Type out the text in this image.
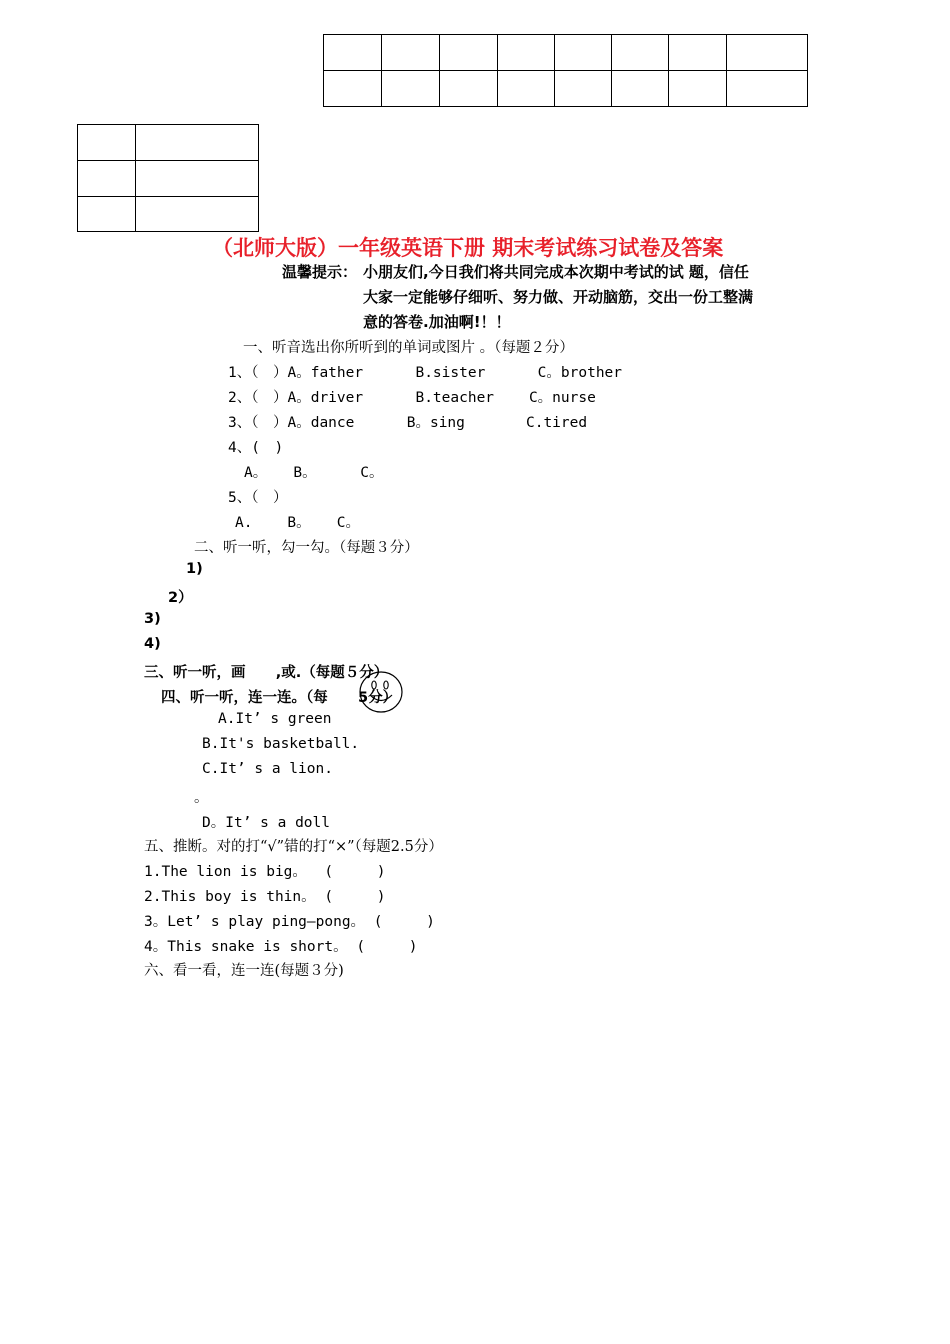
（北师大版）一年级英语下册 期末考试练习试卷及答案
温馨提示： 小朋友们,今日我们将共同完成本次期中考试的试 题，信任
大家一定能够仔细听、努力做、开动脑筋，交出一份工整满
意的答卷.加油啊!！！
一、听音选出你所听到的单词或图片 。（每题２分）
1、（　）A。father      B.sister      C。brother
2、（　）A。driver      B.teacher    C。nurse
3、（　）A。dance      B。sing       C.tired
4、(　)
A。   B。     C。
5、（　）
A.    B。   C。
二、听一听，勾一勾。（每题３分）
1)
2）
3)
4)
三、听一听，画      ,或.（每题５分）
四、听一听，连一连。（每      5分）
A.It’ s green
B.It's basketball.
C.It’ s a lion.
。
D。It’ s a doll
五、推断。对的打“√”错的打“×”（每题2.5分）
1.The lion is big。  (     )
2.This boy is thin。 (     )
3。Let’ s play ping—pong。 (     )
4。This snake is short。 (     )
六、看一看，连一连(每题３分)
